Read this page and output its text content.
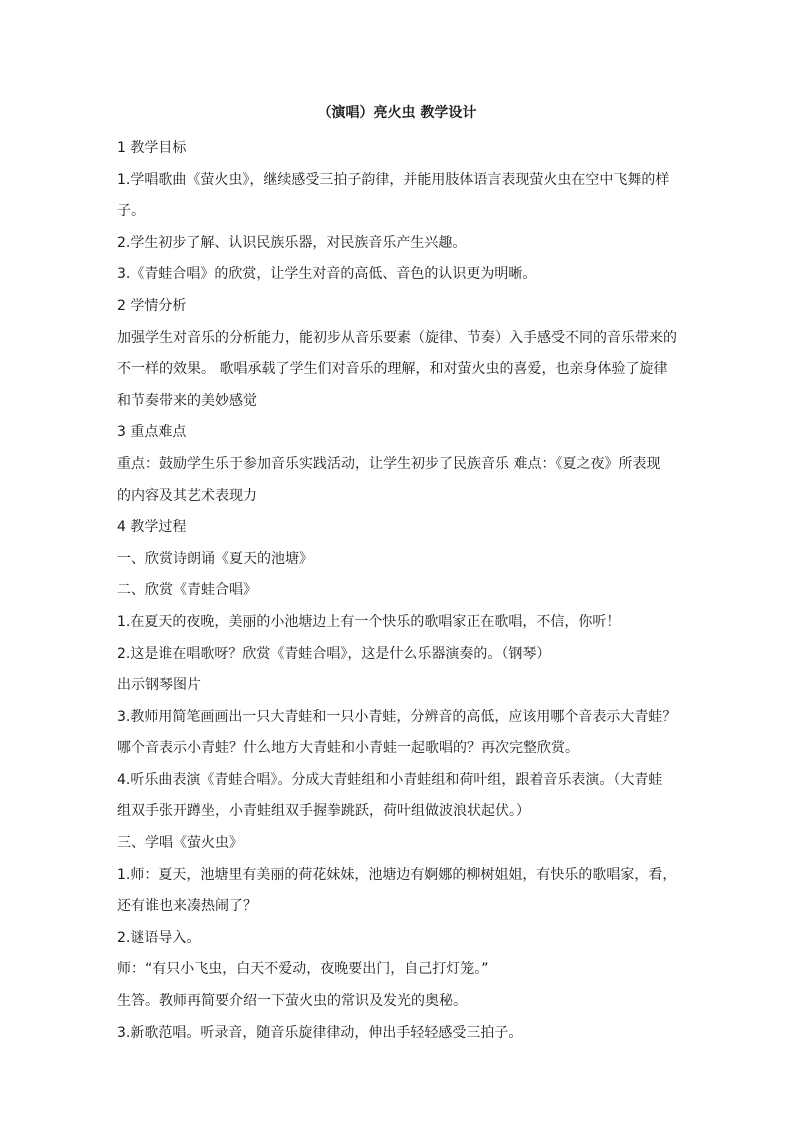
（演唱）亮火虫 教学设计
1 教学目标
1.学唱歌曲《萤火虫》，继续感受三拍子韵律，并能用肢体语言表现萤火虫在空中飞舞的样
子。
2.学生初步了解、认识民族乐器，对民族音乐产生兴趣。
3.《青蛙合唱》的欣赏，让学生对音的高低、音色的认识更为明晰。
2 学情分析
加强学生对音乐的分析能力，能初步从音乐要素（旋律、节奏）入手感受不同的音乐带来的
不一样的效果。 歌唱承载了学生们对音乐的理解，和对萤火虫的喜爱，也亲身体验了旋律
和节奏带来的美妙感觉
3 重点难点
重点：鼓励学生乐于参加音乐实践活动，让学生初步了民族音乐 难点：《夏之夜》所表现
的内容及其艺术表现力
4 教学过程
一、欣赏诗朗诵《夏天的池塘》
二、欣赏《青蛙合唱》
1.在夏天的夜晚，美丽的小池塘边上有一个快乐的歌唱家正在歌唱，不信，你听！
2.这是谁在唱歌呀？欣赏《青蛙合唱》，这是什么乐器演奏的。（钢琴）
出示钢琴图片
3.教师用简笔画画出一只大青蛙和一只小青蛙，分辨音的高低，应该用哪个音表示大青蛙？
哪个音表示小青蛙？什么地方大青蛙和小青蛙一起歌唱的？再次完整欣赏。
4.听乐曲表演《青蛙合唱》。分成大青蛙组和小青蛙组和荷叶组，跟着音乐表演。（大青蛙
组双手张开蹲坐，小青蛙组双手握拳跳跃，荷叶组做波浪状起伏。）
三、学唱《萤火虫》
1.师：夏天，池塘里有美丽的荷花妹妹，池塘边有婀娜的柳树姐姐，有快乐的歌唱家，看，
还有谁也来凑热闹了？
2.谜语导入。
师：“有只小飞虫，白天不爱动，夜晚要出门，自己打灯笼。”
生答。教师再简要介绍一下萤火虫的常识及发光的奥秘。
3.新歌范唱。听录音，随音乐旋律律动，伸出手轻轻感受三拍子。
